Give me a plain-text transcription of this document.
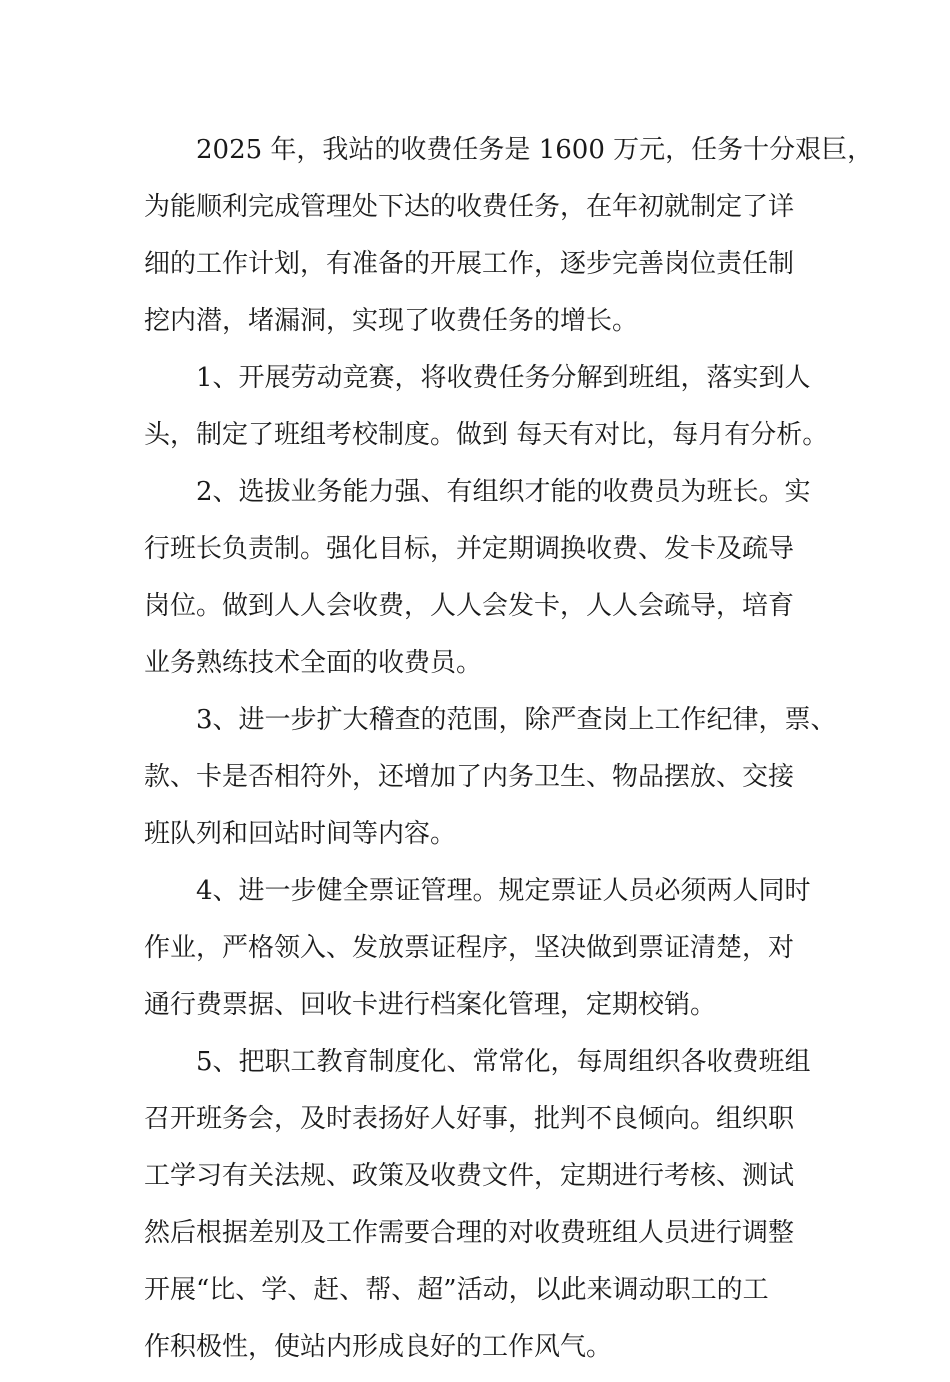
2025 年，我站的收费任务是 1600 万元，任务十分艰巨，
为能顺利完成管理处下达的收费任务，在年初就制定了详
细的工作计划，有准备的开展工作，逐步完善岗位责任制
挖内潜，堵漏洞，实现了收费任务的增长。
1、开展劳动竞赛，将收费任务分解到班组，落实到人
头，制定了班组考校制度。做到 每天有对比，每月有分析。
2、选拔业务能力强、有组织才能的收费员为班长。实
行班长负责制。强化目标，并定期调换收费、发卡及疏导
岗位。做到人人会收费，人人会发卡，人人会疏导，培育
业务熟练技术全面的收费员。
3、进一步扩大稽查的范围，除严查岗上工作纪律，票、
款、卡是否相符外，还增加了内务卫生、物品摆放、交接
班队列和回站时间等内容。
4、进一步健全票证管理。规定票证人员必须两人同时
作业，严格领入、发放票证程序，坚决做到票证清楚，对
通行费票据、回收卡进行档案化管理，定期校销。
5、把职工教育制度化、常常化，每周组织各收费班组
召开班务会，及时表扬好人好事，批判不良倾向。组织职
工学习有关法规、政策及收费文件，定期进行考核、测试
然后根据差别及工作需要合理的对收费班组人员进行调整
开展“比、学、赶、帮、超”活动，以此来调动职工的工
作积极性，使站内形成良好的工作风气。
